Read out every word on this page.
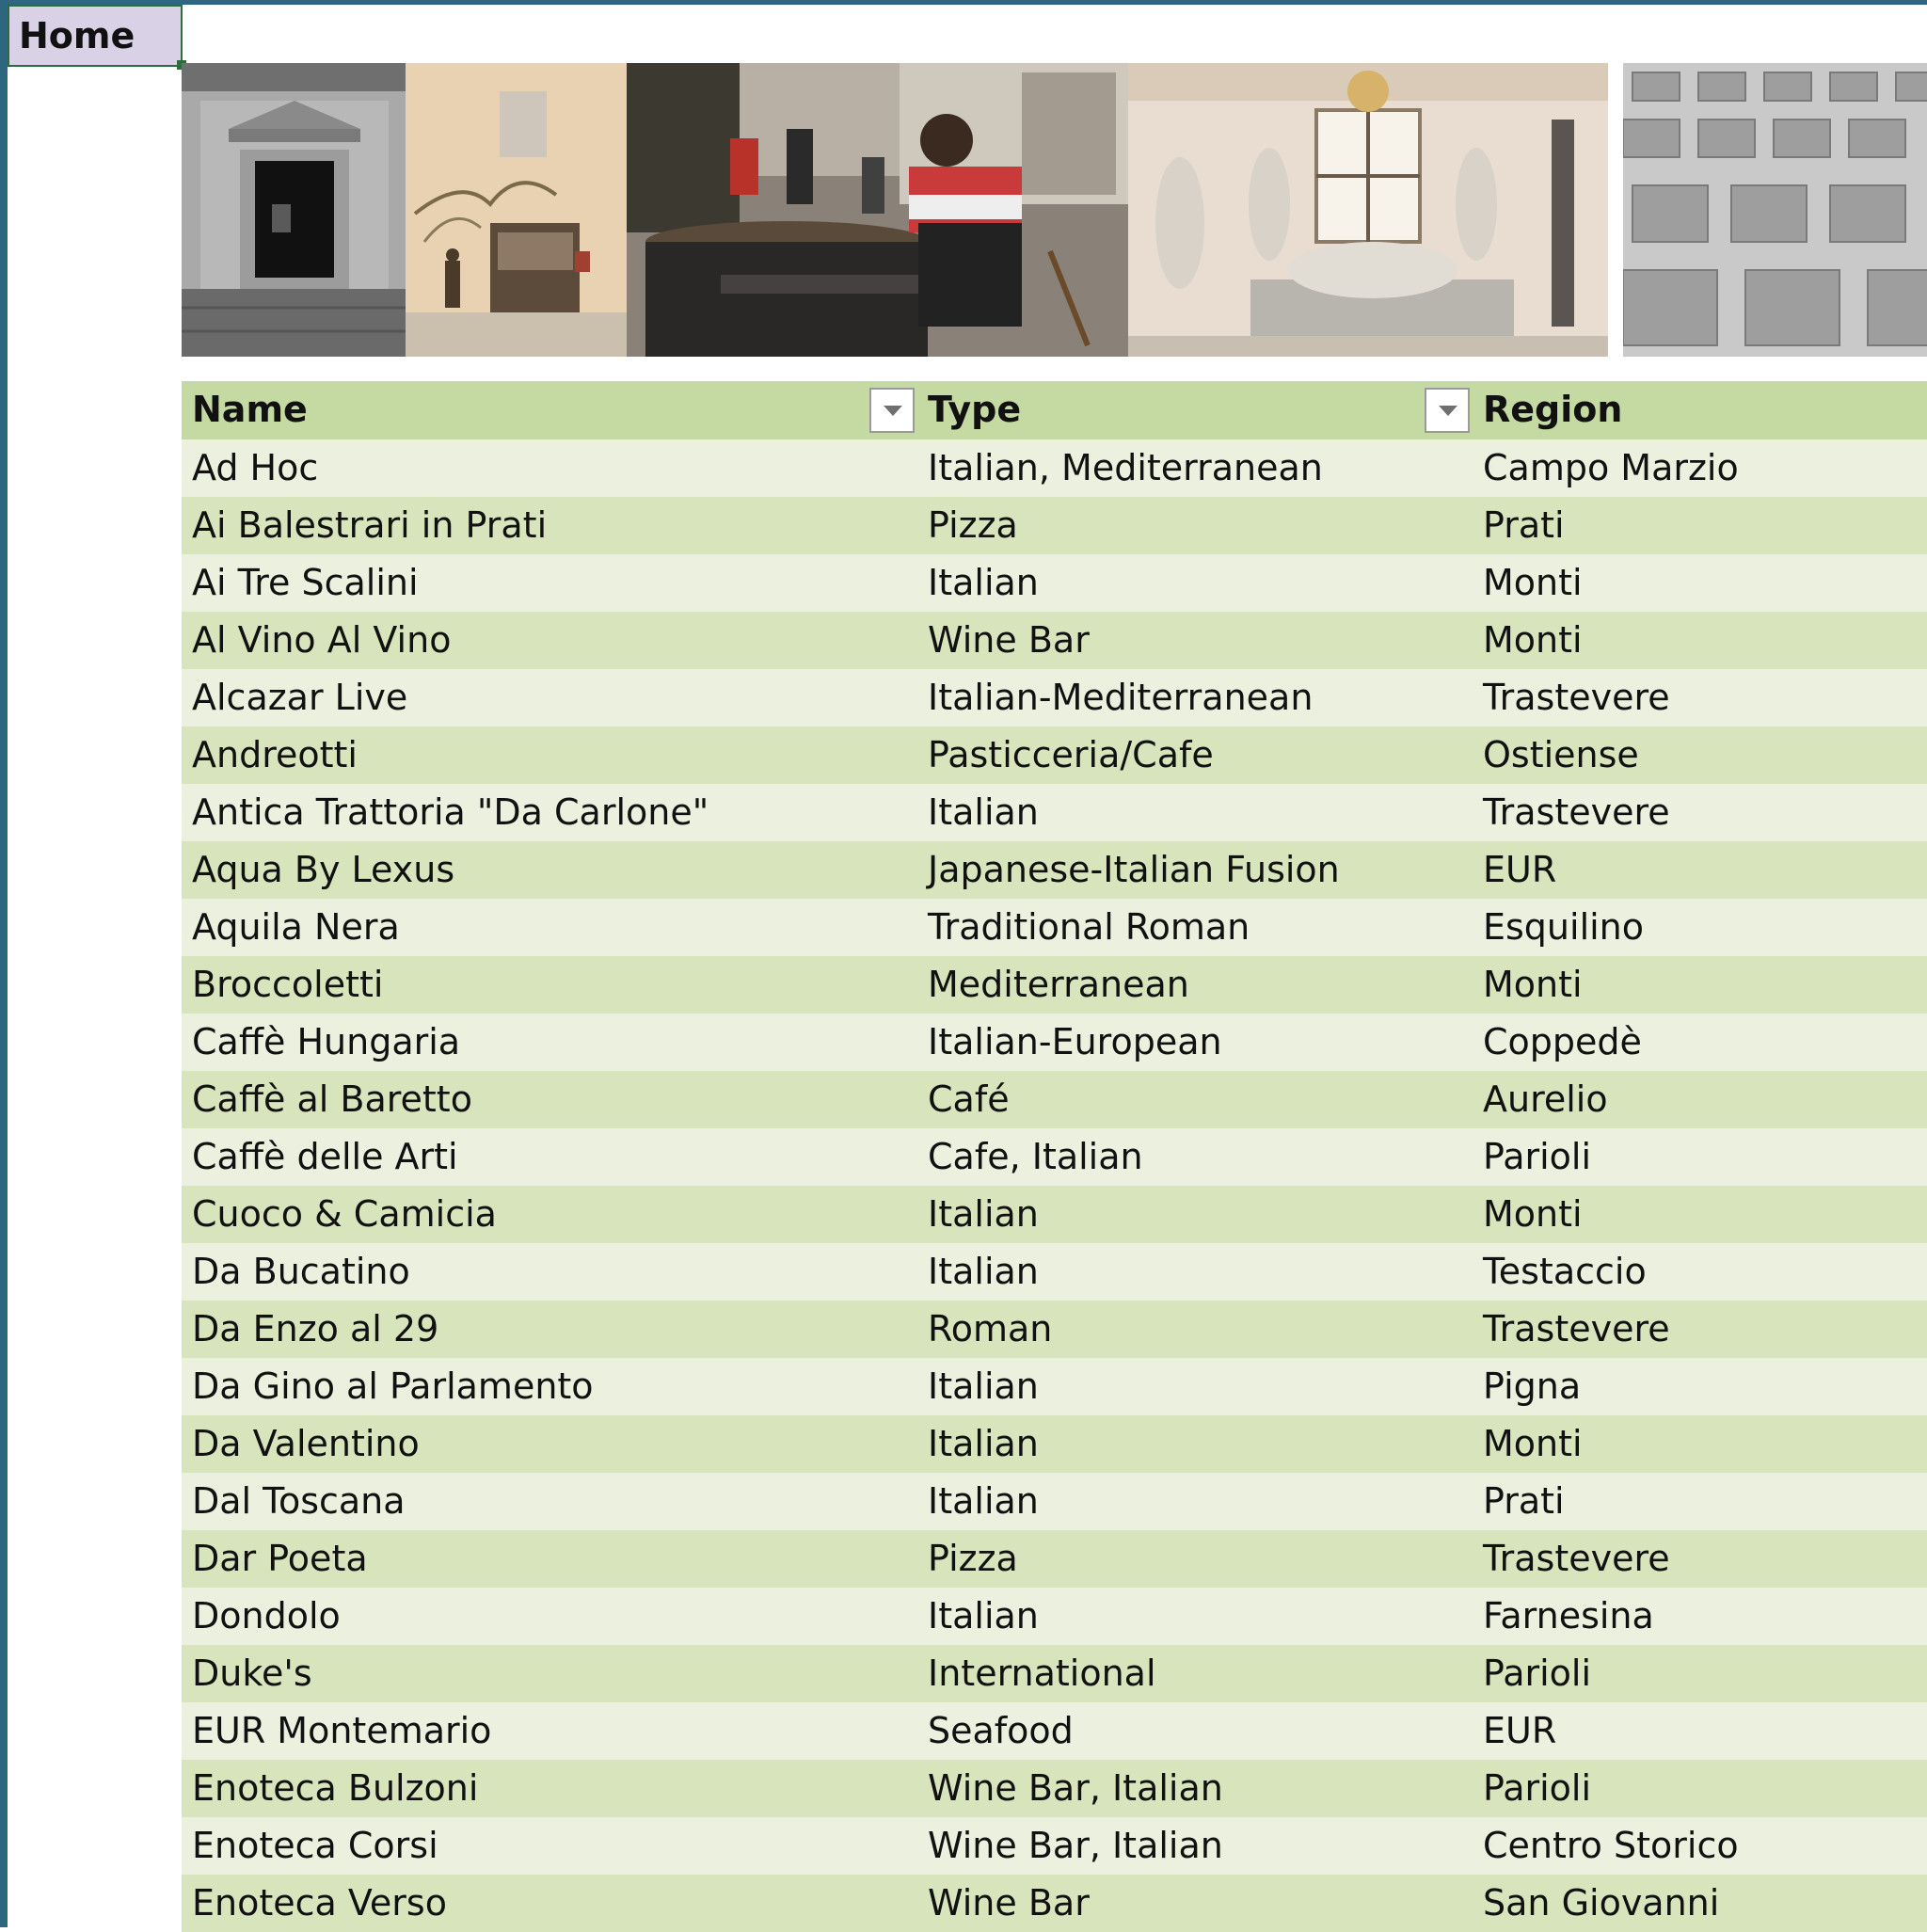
Home
Name	Type	Region
Ad Hoc	Italian, Mediterranean	Campo Marzio
Ai Balestrari in Prati	Pizza	Prati
Ai Tre Scalini	Italian	Monti
Al Vino Al Vino	Wine Bar	Monti
Alcazar Live	Italian-Mediterranean	Trastevere
Andreotti	Pasticceria/Cafe	Ostiense
Antica Trattoria "Da Carlone"	Italian	Trastevere
Aqua By Lexus	Japanese-Italian Fusion	EUR
Aquila Nera	Traditional Roman	Esquilino
Broccoletti	Mediterranean	Monti
Caffè Hungaria	Italian-European	Coppedè
Caffè al Baretto	Café	Aurelio
Caffè delle Arti	Cafe, Italian	Parioli
Cuoco & Camicia	Italian	Monti
Da Bucatino	Italian	Testaccio
Da Enzo al 29	Roman	Trastevere
Da Gino al Parlamento	Italian	Pigna
Da Valentino	Italian	Monti
Dal Toscana	Italian	Prati
Dar Poeta	Pizza	Trastevere
Dondolo	Italian	Farnesina
Duke's	International	Parioli
EUR Montemario	Seafood	EUR
Enoteca Bulzoni	Wine Bar, Italian	Parioli
Enoteca Corsi	Wine Bar, Italian	Centro Storico
Enoteca Verso	Wine Bar	San Giovanni
